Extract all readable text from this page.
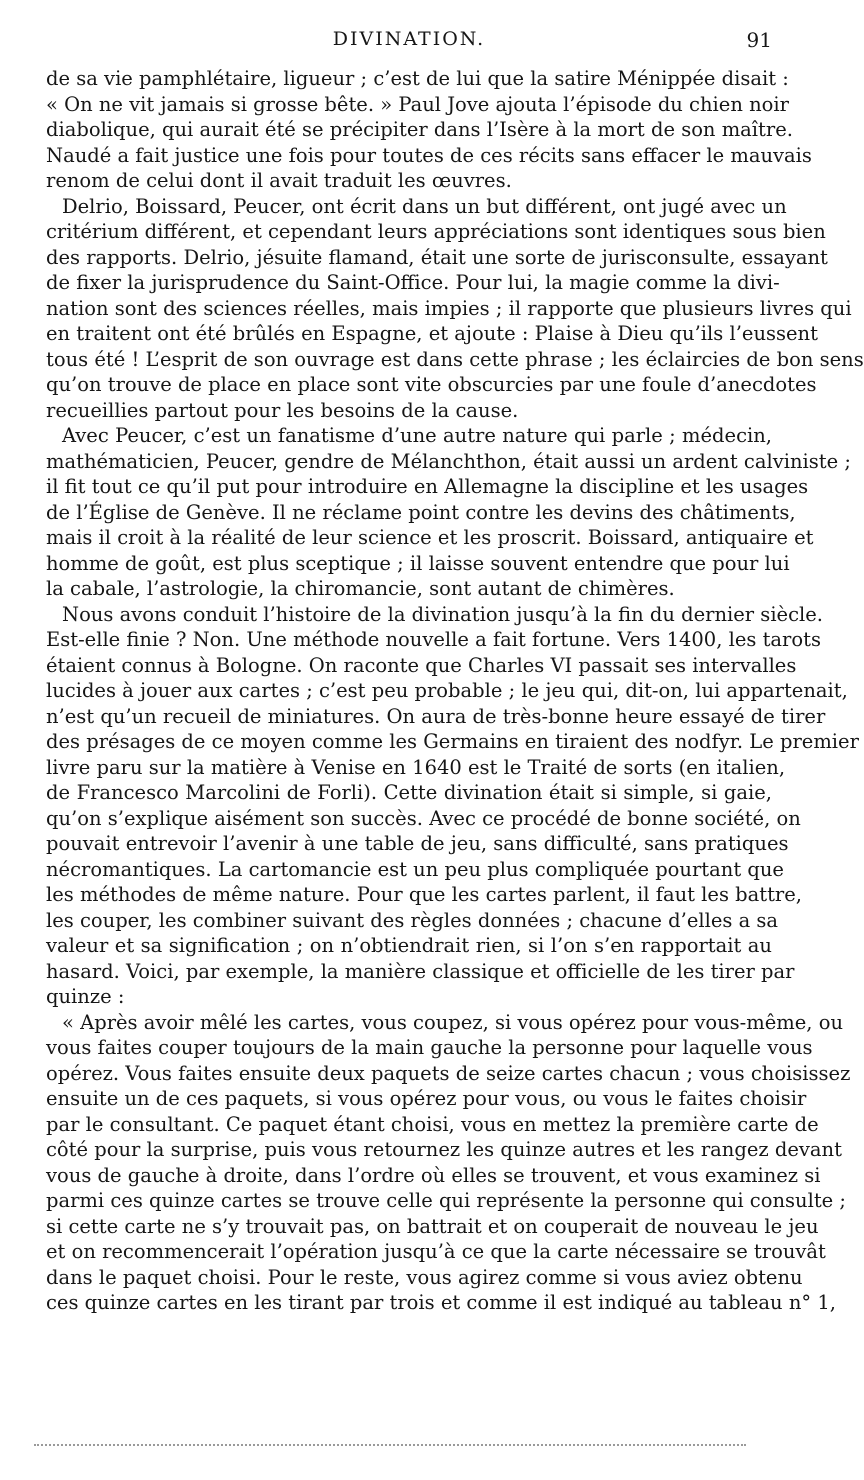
DIVINATION.	91
de sa vie pamphlétaire, ligueur ; c’est de lui que la satire Ménippée disait :
« On ne vit jamais si grosse bête. » Paul Jove ajouta l’épisode du chien noir
diabolique, qui aurait été se précipiter dans l’Isère à la mort de son maître.
Naudé a fait justice une fois pour toutes de ces récits sans effacer le mauvais
renom de celui dont il avait traduit les œuvres.
Delrio, Boissard, Peucer, ont écrit dans un but différent, ont jugé avec un
critérium différent, et cependant leurs appréciations sont identiques sous bien
des rapports. Delrio, jésuite flamand, était une sorte de jurisconsulte, essayant
de fixer la jurisprudence du Saint-Office. Pour lui, la magie comme la divi-
nation sont des sciences réelles, mais impies ; il rapporte que plusieurs livres qui
en traitent ont été brûlés en Espagne, et ajoute : Plaise à Dieu qu’ils l’eussent
tous été ! L’esprit de son ouvrage est dans cette phrase ; les éclaircies de bon sens
qu’on trouve de place en place sont vite obscurcies par une foule d’anecdotes
recueillies partout pour les besoins de la cause.
Avec Peucer, c’est un fanatisme d’une autre nature qui parle ; médecin,
mathématicien, Peucer, gendre de Mélanchthon, était aussi un ardent calviniste ;
il fit tout ce qu’il put pour introduire en Allemagne la discipline et les usages
de l’Église de Genève. Il ne réclame point contre les devins des châtiments,
mais il croit à la réalité de leur science et les proscrit. Boissard, antiquaire et
homme de goût, est plus sceptique ; il laisse souvent entendre que pour lui
la cabale, l’astrologie, la chiromancie, sont autant de chimères.
Nous avons conduit l’histoire de la divination jusqu’à la fin du dernier siècle.
Est-elle finie ? Non. Une méthode nouvelle a fait fortune. Vers 1400, les tarots
étaient connus à Bologne. On raconte que Charles VI passait ses intervalles
lucides à jouer aux cartes ; c’est peu probable ; le jeu qui, dit-on, lui appartenait,
n’est qu’un recueil de miniatures. On aura de très-bonne heure essayé de tirer
des présages de ce moyen comme les Germains en tiraient des nodfyr. Le premier
livre paru sur la matière à Venise en 1640 est le Traité de sorts (en italien,
de Francesco Marcolini de Forli). Cette divination était si simple, si gaie,
qu’on s’explique aisément son succès. Avec ce procédé de bonne société, on
pouvait entrevoir l’avenir à une table de jeu, sans difficulté, sans pratiques
nécromantiques. La cartomancie est un peu plus compliquée pourtant que
les méthodes de même nature. Pour que les cartes parlent, il faut les battre,
les couper, les combiner suivant des règles données ; chacune d’elles a sa
valeur et sa signification ; on n’obtiendrait rien, si l’on s’en rapportait au
hasard. Voici, par exemple, la manière classique et officielle de les tirer par
quinze :
« Après avoir mêlé les cartes, vous coupez, si vous opérez pour vous-même, ou
vous faites couper toujours de la main gauche la personne pour laquelle vous
opérez. Vous faites ensuite deux paquets de seize cartes chacun ; vous choisissez
ensuite un de ces paquets, si vous opérez pour vous, ou vous le faites choisir
par le consultant. Ce paquet étant choisi, vous en mettez la première carte de
côté pour la surprise, puis vous retournez les quinze autres et les rangez devant
vous de gauche à droite, dans l’ordre où elles se trouvent, et vous examinez si
parmi ces quinze cartes se trouve celle qui représente la personne qui consulte ;
si cette carte ne s’y trouvait pas, on battrait et on couperait de nouveau le jeu
et on recommencerait l’opération jusqu’à ce que la carte nécessaire se trouvât
dans le paquet choisi. Pour le reste, vous agirez comme si vous aviez obtenu
ces quinze cartes en les tirant par trois et comme il est indiqué au tableau n° 1,
